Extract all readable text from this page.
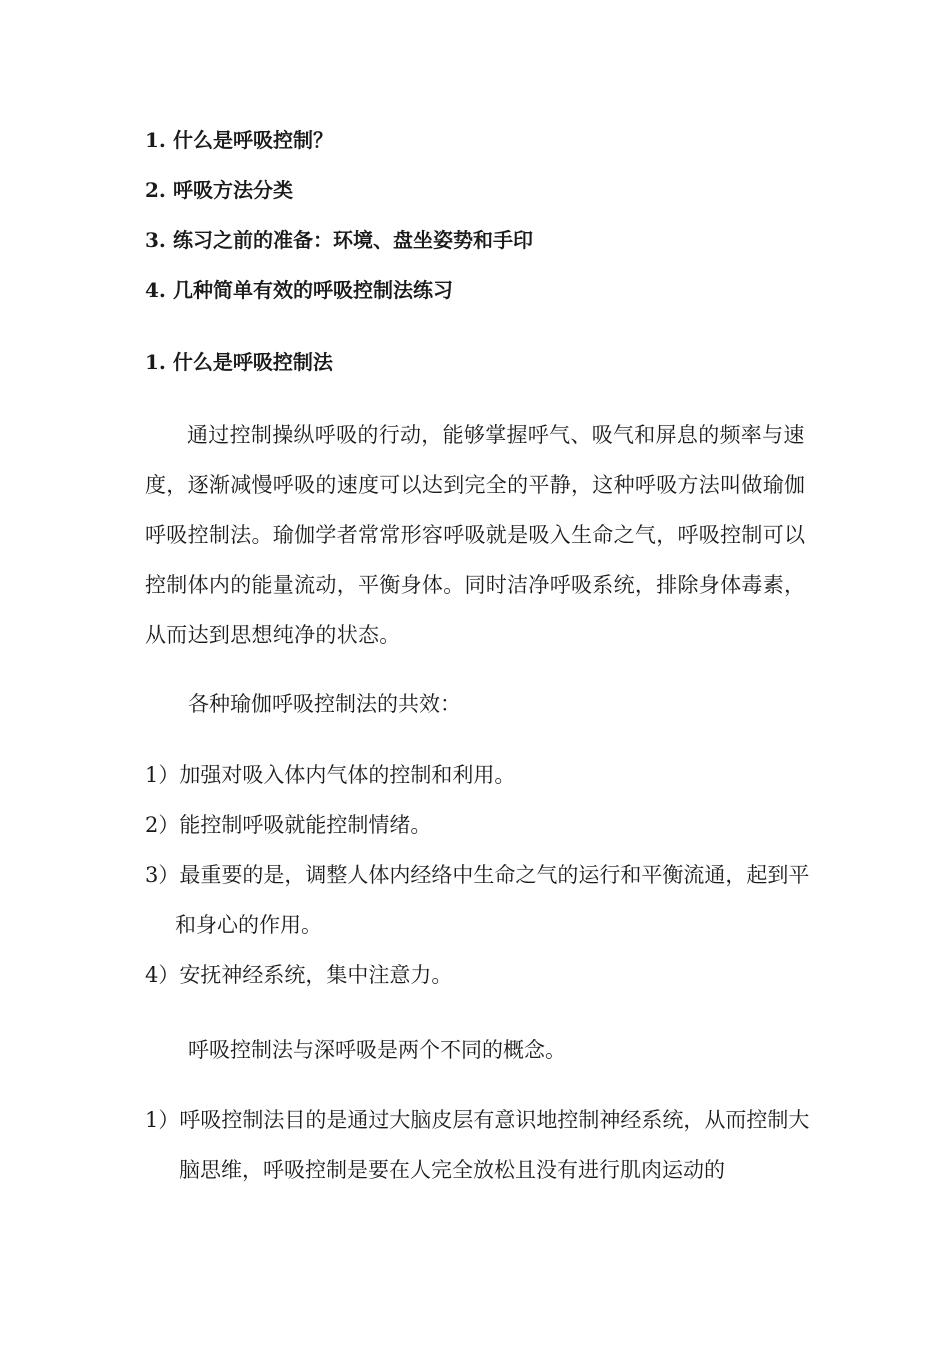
1. 什么是呼吸控制？
2. 呼吸方法分类
3. 练习之前的准备：环境、盘坐姿势和手印
4. 几种简单有效的呼吸控制法练习
1. 什么是呼吸控制法
通过控制操纵呼吸的行动，能够掌握呼气、吸气和屏息的频率与速度，逐渐减慢呼吸的速度可以达到完全的平静，这种呼吸方法叫做瑜伽呼吸控制法。瑜伽学者常常形容呼吸就是吸入生命之气，呼吸控制可以控制体内的能量流动，平衡身体。同时洁净呼吸系统，排除身体毒素，从而达到思想纯净的状态。
各种瑜伽呼吸控制法的共效：
1）加强对吸入体内气体的控制和利用。
2）能控制呼吸就能控制情绪。
3）最重要的是，调整人体内经络中生命之气的运行和平衡流通，起到平和身心的作用。
4）安抚神经系统，集中注意力。
呼吸控制法与深呼吸是两个不同的概念。
1）呼吸控制法目的是通过大脑皮层有意识地控制神经系统，从而控制大脑思维，呼吸控制是要在人完全放松且没有进行肌肉运动的
